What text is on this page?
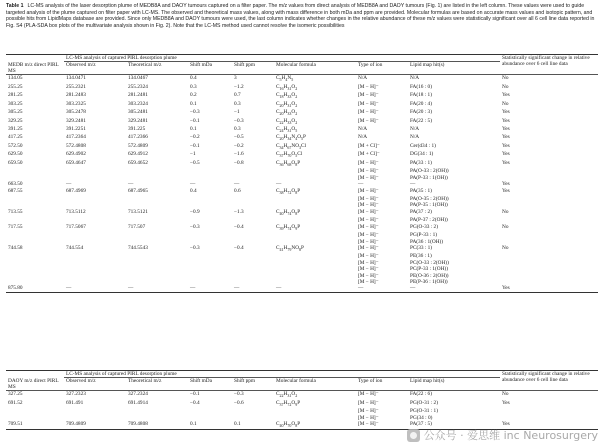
Table 1 LC-MS analysis of the laser desorption plume of MEDB8A and DAOY tumours captured on a filter paper. The m/z values from direct analysis of MEDB8A and DAOY tumours (Fig. 1) are listed in the left column. These values were used to guide targeted analysis of the plume captured on filter paper with LC-MS. The observed and theoretical mass values, along with mass difference in both mDa and ppm are provided. Molecular formulas are based on accurate mass values and isotopic pattern, and possible hits from LipidMaps database are provided. Since only MEDB8A and DAOY tumours were used, the last column indicates whether changes in the relative abundance of these m/z values were statistically significant over all 6 cell line data reported in Fig. S4 (PLA-SDA box plots of the multivariate analysis shown in Fig. 2). Note that the LC-MS method used cannot resolve the isomeric possibilities
	LC-MS analysis of captured PIRL desorption plume							Statistically significant change in relative abundance over 6 cell line data
MEDB m/z direct PIRL MS	Observed m/z	Theoretical m/z	Shift mDa	Shift ppm	Molecular formula	Type of ion	Lipid map hit(s)	
134.05	134.0471	134.0467	0.4	3	$C_5H_4N_5$	N/A	N/A	No
255.25	255.2321	255.2324	0.3	−1.2	$C_{16}H_{31}O_2$	[M − H]⁻	FA(16 : 0)	No
281.25	281.2483	281.2481	0.2	0.7	$C_{18}H_{33}O_2$	[M − H]⁻	FA(18 : 1)	Yes
303.25	303.2325	303.2324	0.1	0.3	$C_{20}H_{31}O_2$	[M − H]⁻	FA(20 : 4)	No
305.25	305.2478	305.2481	−0.3	−1	$C_{20}H_{33}O_2$	[M − H]⁻	FA(20 : 3)	Yes
329.25	329.2481	329.2481	−0.1	−0.3	$C_{22}H_{33}O_2$	[M − H]⁻	FA(22 : 5)	Yes
391.25	391.2251	391.225	0.1	0.3	$C_{24}H_{31}O_5$	N/A	N/A	Yes
417.25	417.2364	417.2366	−0.2	−0.5	$C_{20}H_{34}N_4O_5P$	N/A	N/A	Yes
572.50	572.4808	572.4809	−0.1	−0.2	$C_{34}H_{67}NO_3Cl$	[M + Cl]⁻	Cer(d34 : 1)	Yes
629.50	629.4902	629.4912	−1	−1.6	$C_{37}H_{70}O_5Cl$	[M + Cl]⁻	DG(34 : 1)	Yes
659.50	659.4647	659.4652	−0.5	−0.8	$C_{36}H_{68}O_8P$	[M − H]⁻	PA(33 : 1)	Yes
						[M − H]⁻	PA(O-33 : 2(OH))	
						[M − H]⁻	PA(P-33 : 1(OH))	
663.50	—	—	—	—	—	—	—	Yes
687.55	687.4969	687.4965	0.4	0.6	$C_{38}H_{72}O_8P$	[M − H]⁻	PA(35 : 1)	Yes
						[M − H]⁻	PA(O-35 : 2(OH))	
						[M − H]⁻	PA(P-35 : 1(OH))	
713.55	713.5112	713.5121	−0.9	−1.3	$C_{40}H_{74}O_8P$	[M − H]⁻	PA(37 : 2)	No
						[M − H]⁻	PA(P-37 : 2(OH))	
717.55	717.5067	717.507	−0.3	−0.4	$C_{39}H_{74}O_9P$	[M − H]⁻	PG(O-33 : 2)	No
						[M − H]⁻	PG(P-33 : 1)	
						[M − H]⁻	PA(36 : 1(OH))	
744.58	744.554	744.5543	−0.3	−0.4	$C_{41}H_{79}NO_8P$	[M − H]⁻	PC(33 : 1)	No
						[M − H]⁻	PE(36 : 1)	
						[M − H]⁻	PC(O-33 : 2(OH))	
						[M − H]⁻	PC(P-33 : 1(OH))	
						[M − H]⁻	PE(O-36 : 2(OH))	
						[M − H]⁻	PE(P-36 : 1(OH))	
875.80	—	—	—	—	—	—	—	Yes
	LC-MS analysis of captured PIRL desorption plume							Statistically significant change in relative abundance over 6 cell line data
DAOY m/z direct PIRL MS	Observed m/z	Theoretical m/z	Shift mDa	Shift ppm	Molecular formula	Type of ion	Lipid map hit(s)	
327.25	327.2323	327.2324	−0.1	−0.3	$C_{22}H_{31}O_2$	[M − H]⁻	FA(22 : 6)	No
691.52	691.491	691.4914	−0.4	−0.6	$C_{37}H_{72}O_9P$	[M − H]⁻	PG(O-31 : 2)	Yes
						[M − H]⁻	PG(O-31 : 1)	
						[M − H]⁻	PG(34 : 0)	
709.51	709.4809	709.4808	0.1	0.1	$C_{40}H_{70}O_8P$	[M − H]⁻	PA(37 : 5)	Yes
公众号 · 爱思维 inc Neurosurgery
